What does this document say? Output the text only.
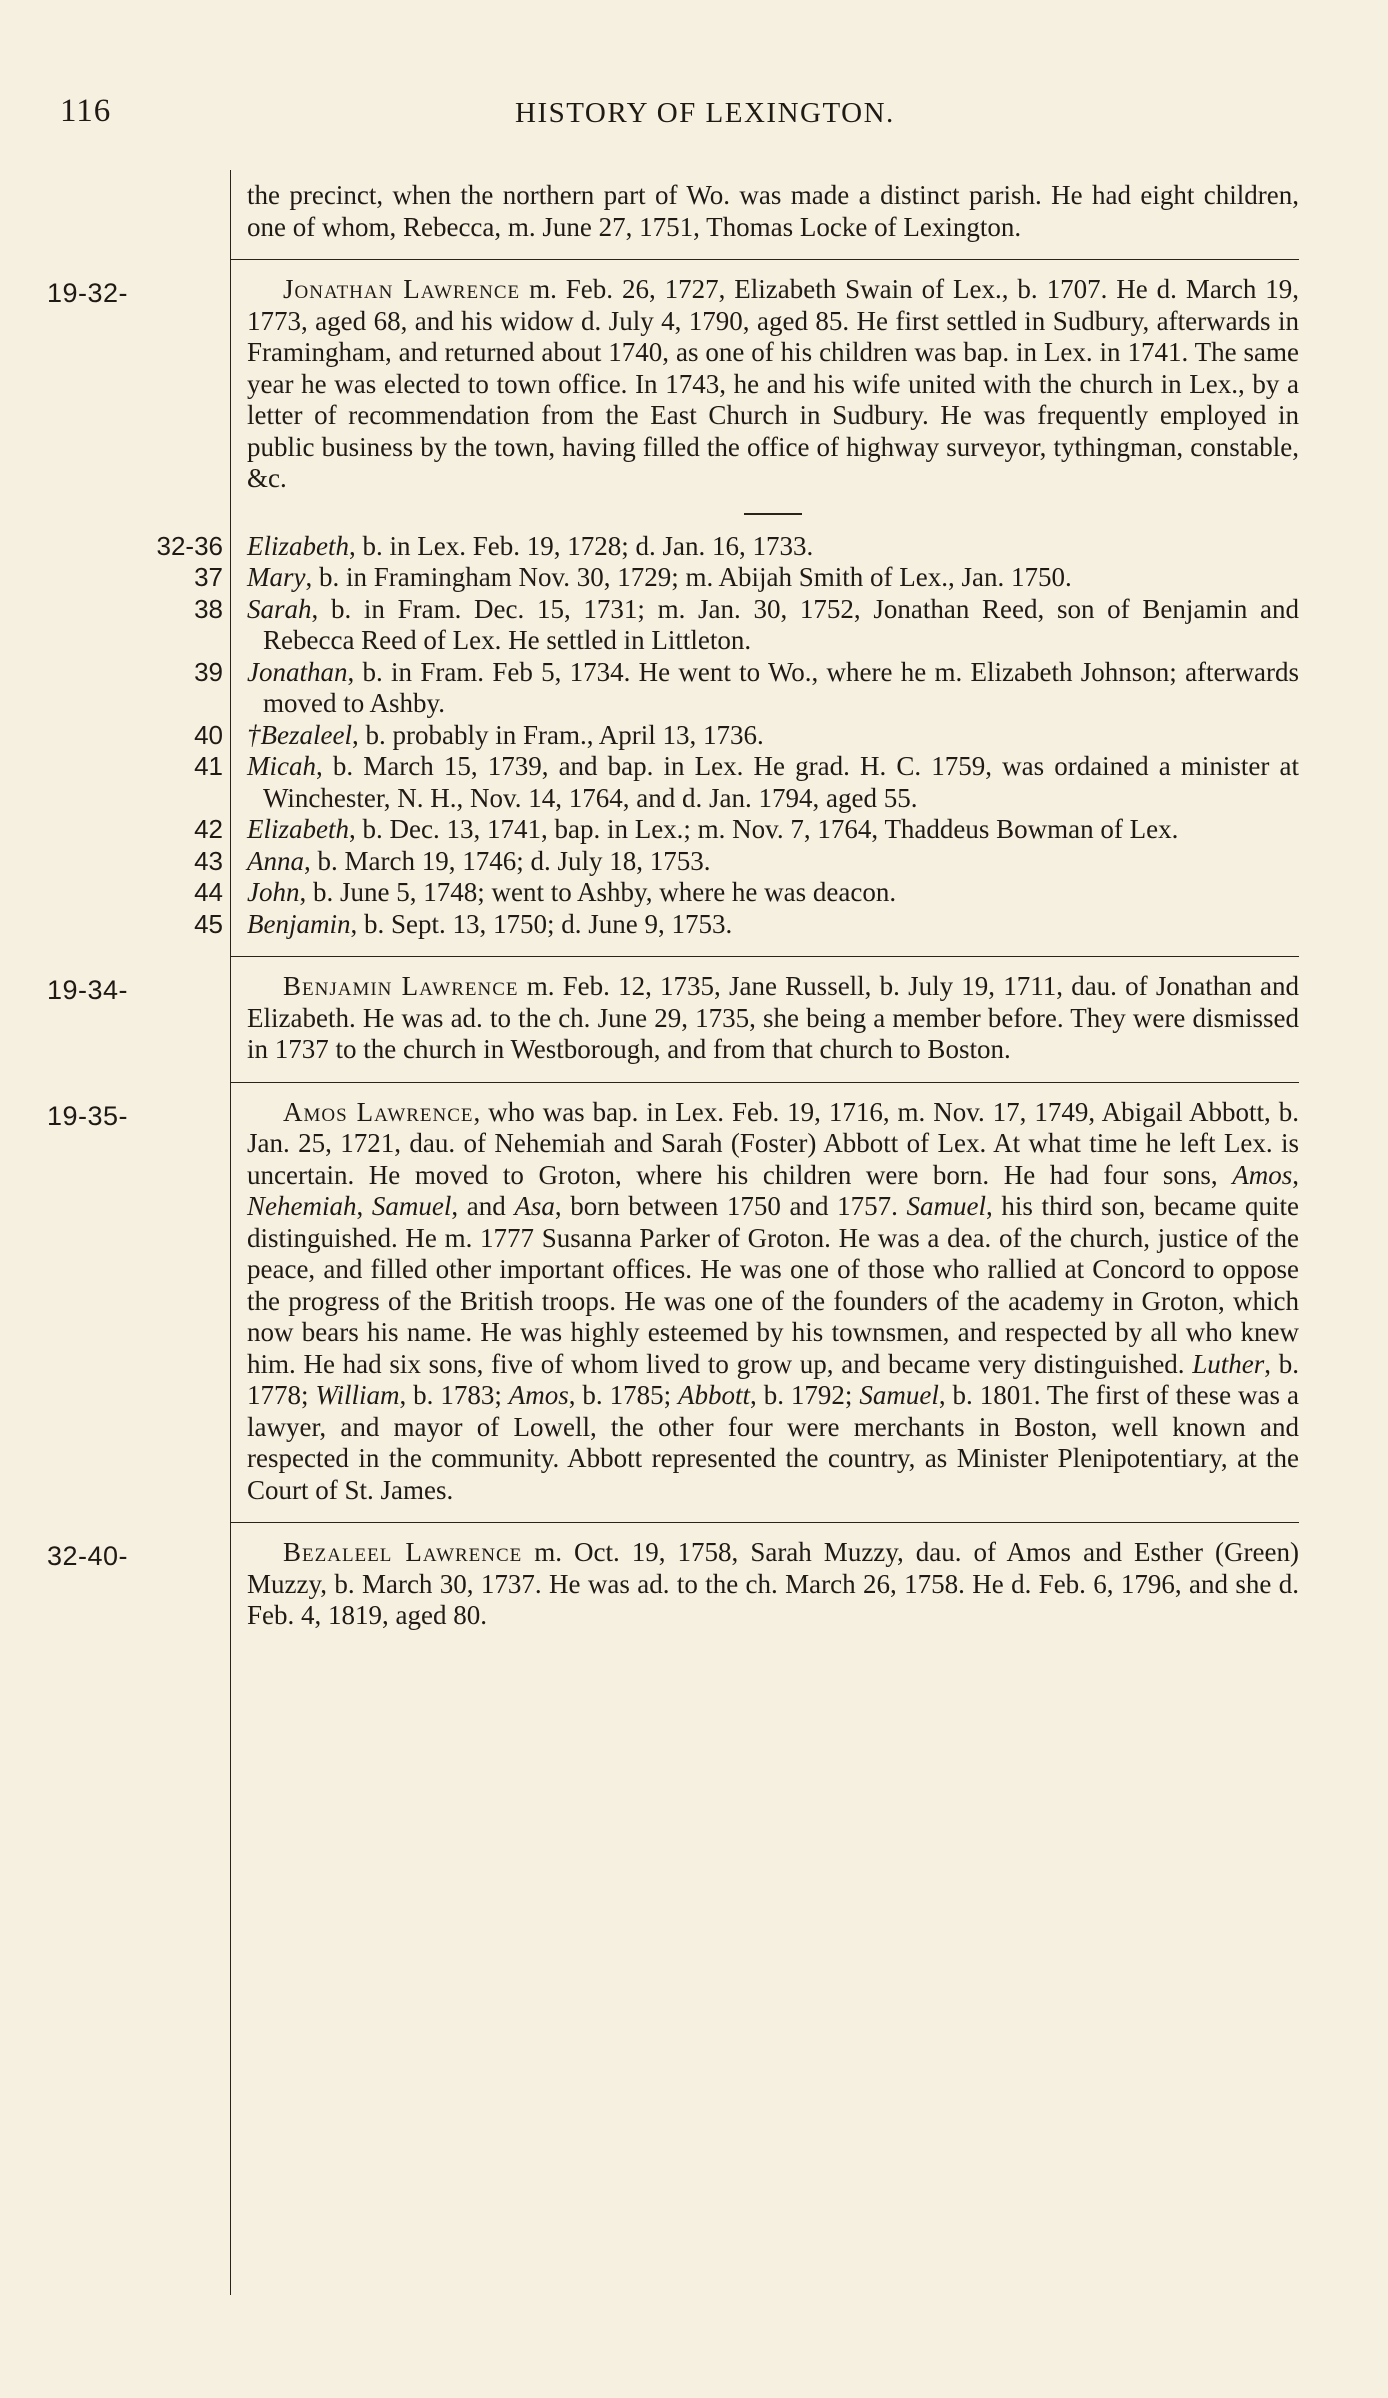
116	HISTORY OF LEXINGTON.

the precinct, when the northern part of Wo. was made a distinct parish. He had eight children, one of whom, Rebecca, m. June 27, 1751, Thomas Locke of Lexington.

19-32-	Jonathan Lawrence m. Feb. 26, 1727, Elizabeth Swain of Lex., b. 1707. He d. March 19, 1773, aged 68, and his widow d. July 4, 1790, aged 85. He first settled in Sudbury, afterwards in Framingham, and returned about 1740, as one of his children was bap. in Lex. in 1741. The same year he was elected to town office. In 1743, he and his wife united with the church in Lex., by a letter of recommendation from the East Church in Sudbury. He was frequently employed in public business by the town, having filled the office of highway surveyor, tythingman, constable, &c.

32-36 Elizabeth, b. in Lex. Feb. 19, 1728; d. Jan. 16, 1733.

37 Mary, b. in Framingham Nov. 30, 1729; m. Abijah Smith of Lex., Jan. 1750.

38 Sarah, b. in Fram. Dec. 15, 1731; m. Jan. 30, 1752, Jonathan Reed, son of Benjamin and Rebecca Reed of Lex. He settled in Littleton.

39 Jonathan, b. in Fram. Feb 5, 1734. He went to Wo., where he m. Elizabeth Johnson; afterwards moved to Ashby.

40 †Bezaleel, b. probably in Fram., April 13, 1736.

41 Micah, b. March 15, 1739, and bap. in Lex. He grad. H. C. 1759, was ordained a minister at Winchester, N. H., Nov. 14, 1764, and d. Jan. 1794, aged 55.

42 Elizabeth, b. Dec. 13, 1741, bap. in Lex.; m. Nov. 7, 1764, Thaddeus Bowman of Lex.

43 Anna, b. March 19, 1746; d. July 18, 1753.

44 John, b. June 5, 1748; went to Ashby, where he was deacon.

45 Benjamin, b. Sept. 13, 1750; d. June 9, 1753.

19-34-	Benjamin Lawrence m. Feb. 12, 1735, Jane Russell, b. July 19, 1711, dau. of Jonathan and Elizabeth. He was ad. to the ch. June 29, 1735, she being a member before. They were dismissed in 1737 to the church in Westborough, and from that church to Boston.

19-35-	Amos Lawrence, who was bap. in Lex. Feb. 19, 1716, m. Nov. 17, 1749, Abigail Abbott, b. Jan. 25, 1721, dau. of Nehemiah and Sarah (Foster) Abbott of Lex. At what time he left Lex. is uncertain. He moved to Groton, where his children were born. He had four sons, Amos, Nehemiah, Samuel, and Asa, born between 1750 and 1757. Samuel, his third son, became quite distinguished. He m. 1777 Susanna Parker of Groton. He was a dea. of the church, justice of the peace, and filled other important offices. He was one of those who rallied at Concord to oppose the progress of the British troops. He was one of the founders of the academy in Groton, which now bears his name. He was highly esteemed by his townsmen, and respected by all who knew him. He had six sons, five of whom lived to grow up, and became very distinguished. Luther, b. 1778; William, b. 1783; Amos, b. 1785; Abbott, b. 1792; Samuel, b. 1801. The first of these was a lawyer, and mayor of Lowell, the other four were merchants in Boston, well known and respected in the community. Abbott represented the country, as Minister Plenipotentiary, at the Court of St. James.

32-40-	Bezaleel Lawrence m. Oct. 19, 1758, Sarah Muzzy, dau. of Amos and Esther (Green) Muzzy, b. March 30, 1737. He was ad. to the ch. March 26, 1758. He d. Feb. 6, 1796, and she d. Feb. 4, 1819, aged 80.
